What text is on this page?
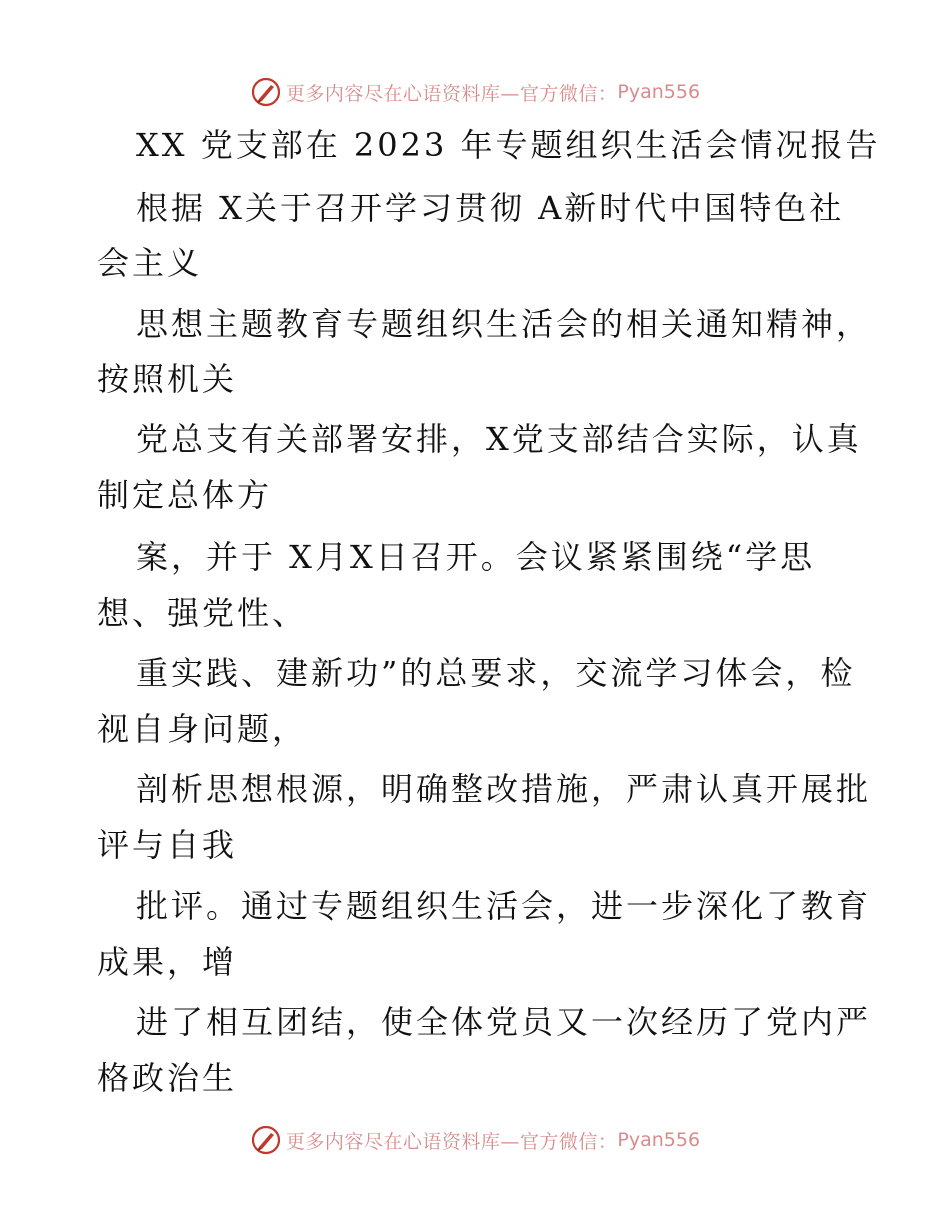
更多内容尽在心语资料库—官方微信： Pyan556
XX 党支部在 2023 年专题组织生活会情况报告
根据 X关于召开学习贯彻 A新时代中国特色社
会主义
思想主题教育专题组织生活会的相关通知精神，
按照机关
党总支有关部署安排，X党支部结合实际，认真
制定总体方
案，并于 X月X日召开。会议紧紧围绕“学思
想、强党性、
重实践、建新功”的总要求，交流学习体会，检
视自身问题，
剖析思想根源，明确整改措施，严肃认真开展批
评与自我
批评。通过专题组织生活会，进一步深化了教育
成果，增
进了相互团结，使全体党员又一次经历了党内严
格政治生
更多内容尽在心语资料库—官方微信： Pyan556
